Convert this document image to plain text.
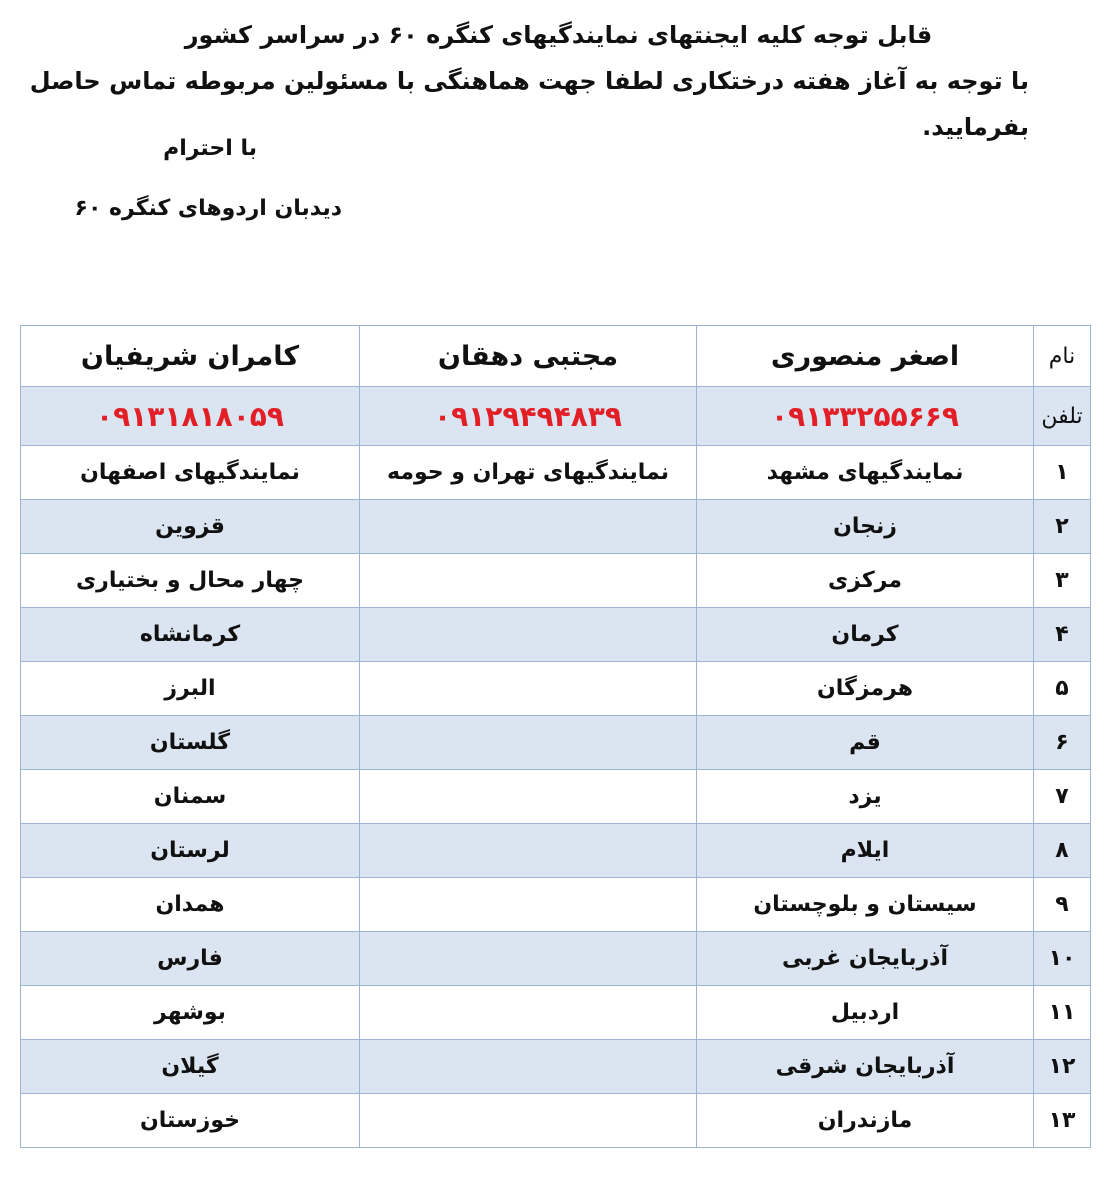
قابل توجه کلیه ایجنتهای نمایندگیهای کنگره ۶۰ در سراسر کشور
با توجه به آغاز هفته درختکاری لطفا جهت هماهنگی با مسئولین مربوطه تماس حاصل بفرمایید.
با احترام
دیدبان اردوهای کنگره ۶۰
نام	اصغر منصوری	مجتبی دهقان	کامران شریفیان
تلفن	۰۹۱۳۳۲۵۵۶۶۹	۰۹۱۲۹۴۹۴۸۳۹	۰۹۱۳۱۸۱۸۰۵۹
۱	نمایندگیهای مشهد	نمایندگیهای تهران و حومه	نمایندگیهای اصفهان
۲	زنجان		قزوین
۳	مرکزی		چهار محال و بختیاری
۴	کرمان		کرمانشاه
۵	هرمزگان		البرز
۶	قم		گلستان
۷	یزد		سمنان
۸	ایلام		لرستان
۹	سیستان و بلوچستان		همدان
۱۰	آذربایجان غربی		فارس
۱۱	اردبیل		بوشهر
۱۲	آذربایجان شرقی		گیلان
۱۳	مازندران		خوزستان
